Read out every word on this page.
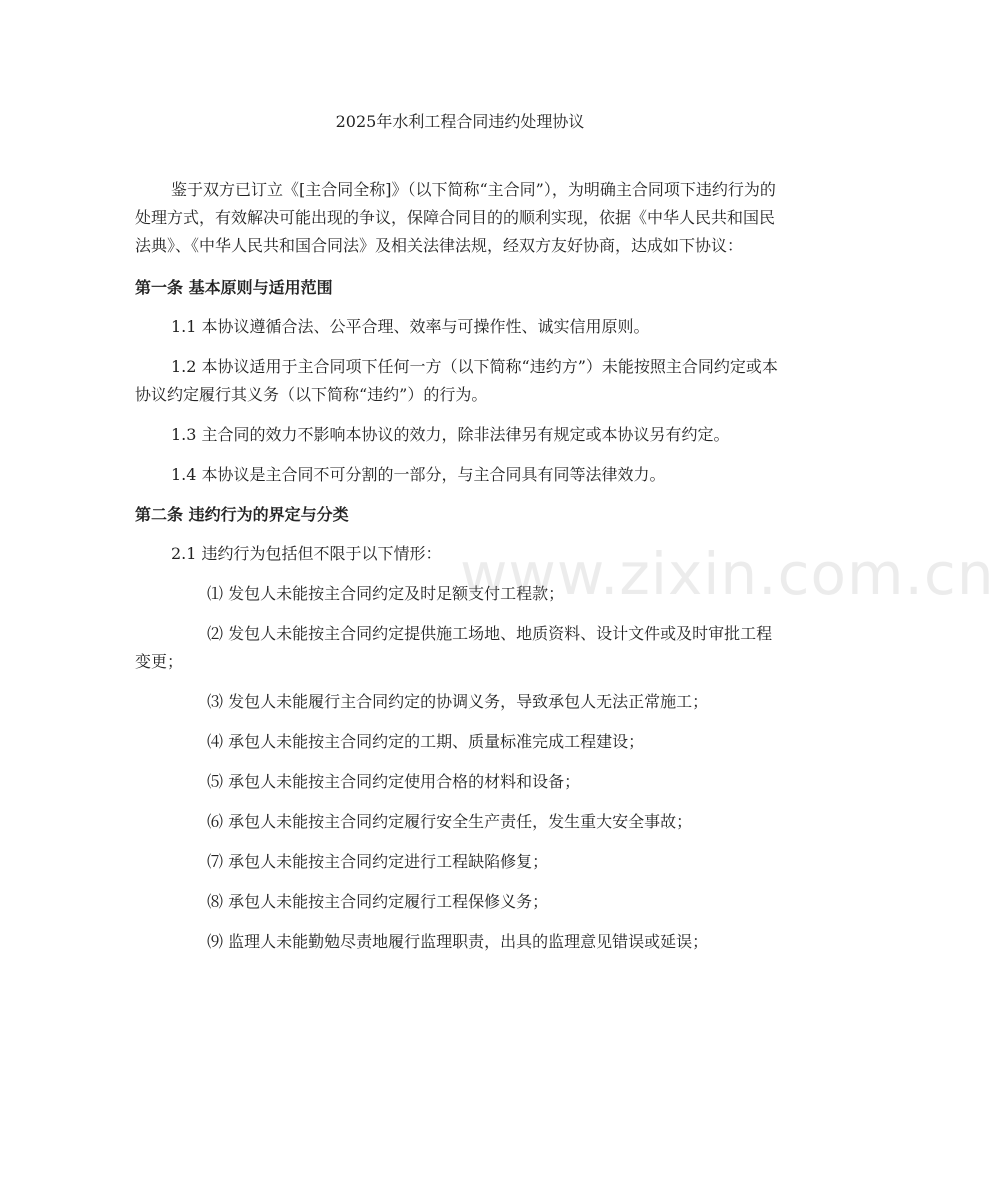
2025年水利工程合同违约处理协议

鉴于双方已订立《[主合同全称]》（以下简称“主合同”），为明确主合同项下违约行为的处理方式，有效解决可能出现的争议，保障合同目的的顺利实现，依据《中华人民共和国民法典》、《中华人民共和国合同法》及相关法律法规，经双方友好协商，达成如下协议：

第一条 基本原则与适用范围

1.1 本协议遵循合法、公平合理、效率与可操作性、诚实信用原则。

1.2 本协议适用于主合同项下任何一方（以下简称“违约方”）未能按照主合同约定或本协议约定履行其义务（以下简称“违约”）的行为。

1.3 主合同的效力不影响本协议的效力，除非法律另有规定或本协议另有约定。

1.4 本协议是主合同不可分割的一部分，与主合同具有同等法律效力。

第二条 违约行为的界定与分类

2.1 违约行为包括但不限于以下情形：

⑴ 发包人未能按主合同约定及时足额支付工程款；

⑵ 发包人未能按主合同约定提供施工场地、地质资料、设计文件或及时审批工程变更；

⑶ 发包人未能履行主合同约定的协调义务，导致承包人无法正常施工；

⑷ 承包人未能按主合同约定的工期、质量标准完成工程建设；

⑸ 承包人未能按主合同约定使用合格的材料和设备；

⑹ 承包人未能按主合同约定履行安全生产责任，发生重大安全事故；

⑺ 承包人未能按主合同约定进行工程缺陷修复；

⑻ 承包人未能按主合同约定履行工程保修义务；

⑼ 监理人未能勤勉尽责地履行监理职责，出具的监理意见错误或延误；

www.zixin.com.cn
